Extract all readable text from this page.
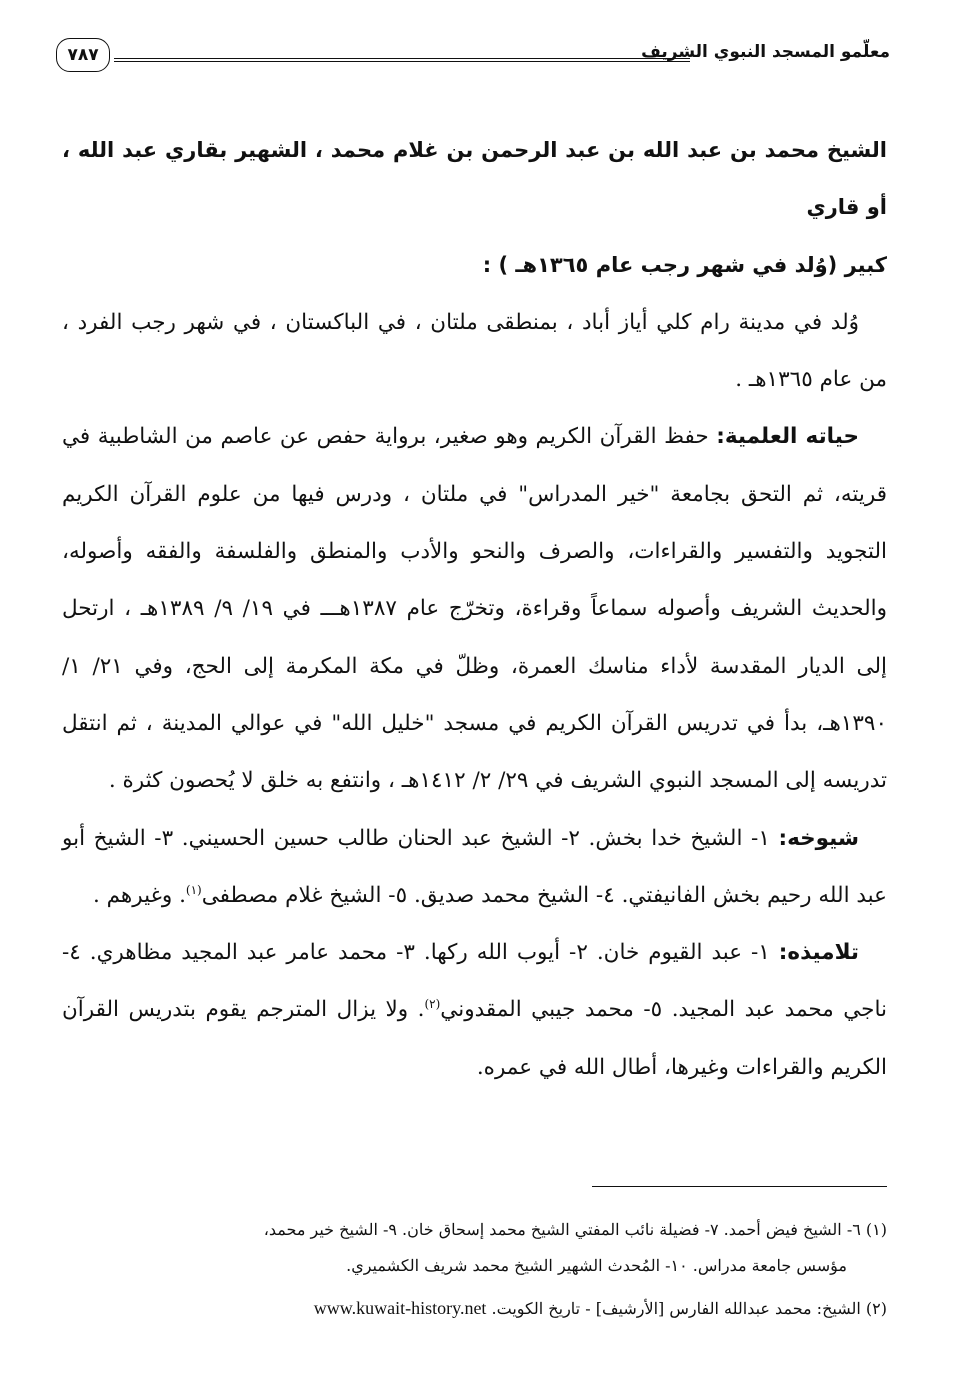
معلّمو المسجد النبوي الشريف
٧٨٧

الشيخ محمد بن عبد الله بن عبد الرحمن بن غلام محمد ، الشهير بقاري عبد الله ، أو قاري
كبير (وُلد في شهر رجب عام ١٣٦٥هـ ) :

وُلد في مدينة رام كلي أياز أباد ، بمنطقى ملتان ، في الباكستان ، في شهر رجب الفرد ، من عام ١٣٦٥هـ .

حياته العلمية: حفظ القرآن الكريم وهو صغير، برواية حفص عن عاصم من الشاطبية في قريته، ثم التحق بجامعة "خير المدراس" في ملتان ، ودرس فيها من علوم القرآن الكريم التجويد والتفسير والقراءات، والصرف والنحو والأدب والمنطق والفلسفة والفقه وأصوله، والحديث الشريف وأصوله سماعاً وقراءة، وتخرّج عام ١٣٨٧هـــ في ١٩/ ٩/ ١٣٨٩هـ ، ارتحل إلى الديار المقدسة لأداء مناسك العمرة، وظلّ في مكة المكرمة إلى الحج، وفي ٢١/ ١/ ١٣٩٠هـ، بدأ في تدريس القرآن الكريم في مسجد "خليل الله" في عوالي المدينة ، ثم انتقل تدريسه إلى المسجد النبوي الشريف في ٢٩/ ٢/ ١٤١٢هـ ، وانتفع به خلق لا يُحصون كثرة .

شيوخه: ١- الشيخ خدا بخش. ٢- الشيخ عبد الحنان طالب حسين الحسيني. ٣- الشيخ أبو عبد الله رحيم بخش الفانيفتي. ٤- الشيخ محمد صديق. ٥- الشيخ غلام مصطفى$^{(١)}$. وغيرهم .

تلاميذه: ١- عبد القيوم خان. ٢- أيوب الله ركها. ٣- محمد عامر عبد المجيد مظاهري. ٤- ناجي محمد عبد المجيد. ٥- محمد جيبي المقدوني$^{(٢)}$. ولا يزال المترجم يقوم بتدريس القرآن الكريم والقراءات وغيرها، أطال الله في عمره.

(١) ٦- الشيخ فيض أحمد. ٧- فضيلة نائب المفتي الشيخ محمد إسحاق خان. ٩- الشيخ خير محمد،

مؤسس جامعة مدراس. ١٠- المُحدث الشهير الشيخ محمد شريف الكشميري.

(٢) الشيخ: محمد عبدالله الفارس [الأرشيف] - تاريخ الكويت. www.kuwait-history.net
